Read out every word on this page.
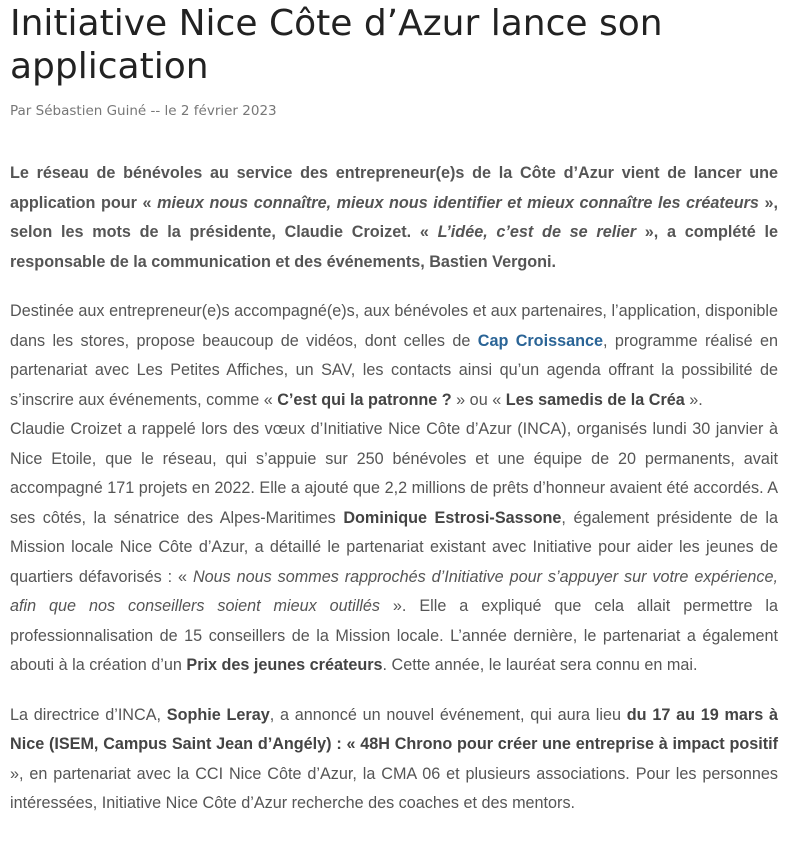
Initiative Nice Côte d’Azur lance son application
Par Sébastien Guiné -- le 2 février 2023

Le réseau de bénévoles au service des entrepreneur(e)s de la Côte d’Azur vient de lancer une application pour « mieux nous connaître, mieux nous identifier et mieux connaître les créateurs », selon les mots de la présidente, Claudie Croizet. « L’idée, c’est de se relier », a complété le responsable de la communication et des événements, Bastien Vergoni.

Destinée aux entrepreneur(e)s accompagné(e)s, aux bénévoles et aux partenaires, l’application, disponible dans les stores, propose beaucoup de vidéos, dont celles de Cap Croissance, programme réalisé en partenariat avec Les Petites Affiches, un SAV, les contacts ainsi qu’un agenda offrant la possibilité de s’inscrire aux événements, comme « C’est qui la patronne ? » ou « Les samedis de la Créa ».

Claudie Croizet a rappelé lors des vœux d’Initiative Nice Côte d’Azur (INCA), organisés lundi 30 janvier à Nice Etoile, que le réseau, qui s’appuie sur 250 bénévoles et une équipe de 20 permanents, avait accompagné 171 projets en 2022. Elle a ajouté que 2,2 millions de prêts d’honneur avaient été accordés. A ses côtés, la sénatrice des Alpes-Maritimes Dominique Estrosi-Sassone, également présidente de la Mission locale Nice Côte d’Azur, a détaillé le partenariat existant avec Initiative pour aider les jeunes de quartiers défavorisés : « Nous nous sommes rapprochés d’Initiative pour s’appuyer sur votre expérience, afin que nos conseillers soient mieux outillés ». Elle a expliqué que cela allait permettre la professionnalisation de 15 conseillers de la Mission locale. L’année dernière, le partenariat a également abouti à la création d’un Prix des jeunes créateurs. Cette année, le lauréat sera connu en mai.

La directrice d’INCA, Sophie Leray, a annoncé un nouvel événement, qui aura lieu du 17 au 19 mars à Nice (ISEM, Campus Saint Jean d’Angély) : « 48H Chrono pour créer une entreprise à impact positif », en partenariat avec la CCI Nice Côte d’Azur, la CMA 06 et plusieurs associations. Pour les personnes intéressées, Initiative Nice Côte d’Azur recherche des coaches et des mentors.
